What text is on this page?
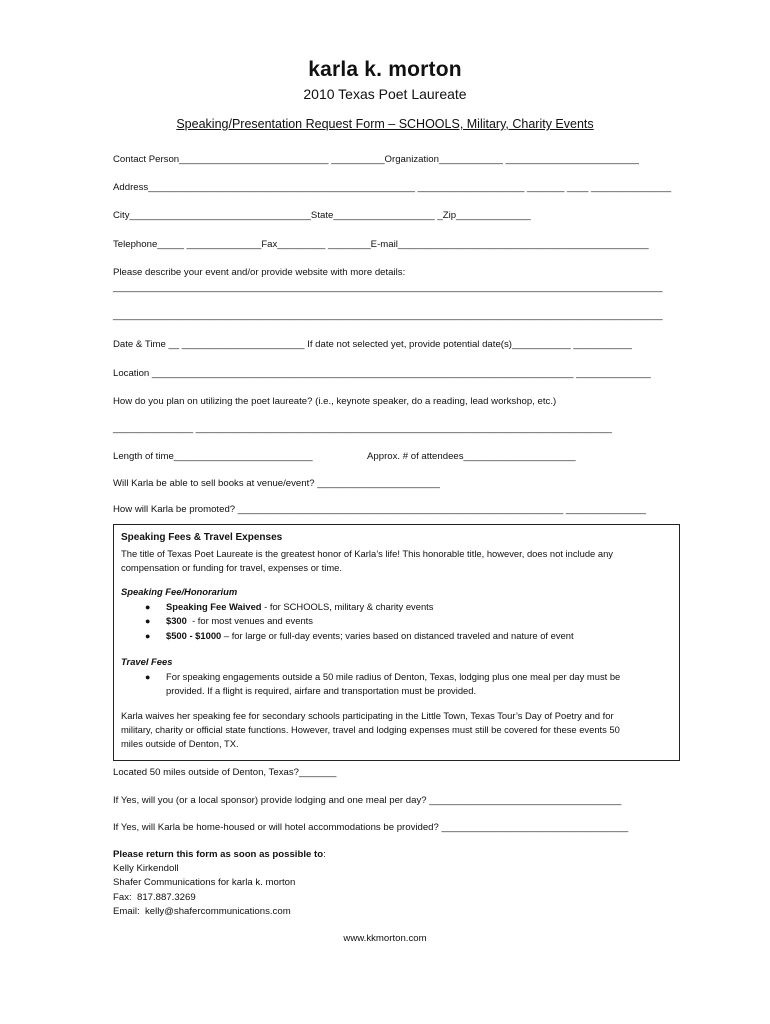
karla k. morton
2010 Texas Poet Laureate
Speaking/Presentation Request Form – SCHOOLS, Military, Charity Events
Contact Person____________________________ __________Organization____________ _________________________
Address__________________________________________________ ____________________ _______ ____ _______________
City__________________________________State___________________ _Zip______________
Telephone_____ ______________Fax_________ ________E-mail_______________________________________________
Please describe your event and/or provide website with more details:
_______________________________________________________________________________________________________
_______________________________________________________________________________________________________
Date & Time __ _______________________ If date not selected yet, provide potential date(s)___________ ___________
Location _______________________________________________________________________________ ______________
How do you plan on utilizing the poet laureate? (i.e., keynote speaker, do a reading, lead workshop, etc.)
_______________ ______________________________________________________________________________
Length of time__________________________	Approx. # of attendees_____________________
Will Karla be able to sell books at venue/event? _______________________
How will Karla be promoted? _____________________________________________________________ _______________
Speaking Fees & Travel Expenses
The title of Texas Poet Laureate is the greatest honor of Karla’s life! This honorable title, however, does not include any
compensation or funding for travel, expenses or time.
Speaking Fee/Honorarium
● Speaking Fee Waived - for SCHOOLS, military & charity events
● $300  - for most venues and events
● $500 - $1000 – for large or full-day events; varies based on distanced traveled and nature of event
Travel Fees
● For speaking engagements outside a 50 mile radius of Denton, Texas, lodging plus one meal per day must be
provided. If a flight is required, airfare and transportation must be provided.
Karla waives her speaking fee for secondary schools participating in the Little Town, Texas Tour’s Day of Poetry and for
military, charity or official state functions. However, travel and lodging expenses must still be covered for these events 50
miles outside of Denton, TX.
Located 50 miles outside of Denton, Texas?_______
If Yes, will you (or a local sponsor) provide lodging and one meal per day? ____________________________________
If Yes, will Karla be home-housed or will hotel accommodations be provided? ___________________________________
Please return this form as soon as possible to:
Kelly Kirkendoll
Shafer Communications for karla k. morton
Fax:  817.887.3269
Email:  kelly@shafercommunications.com
www.kkmorton.com
